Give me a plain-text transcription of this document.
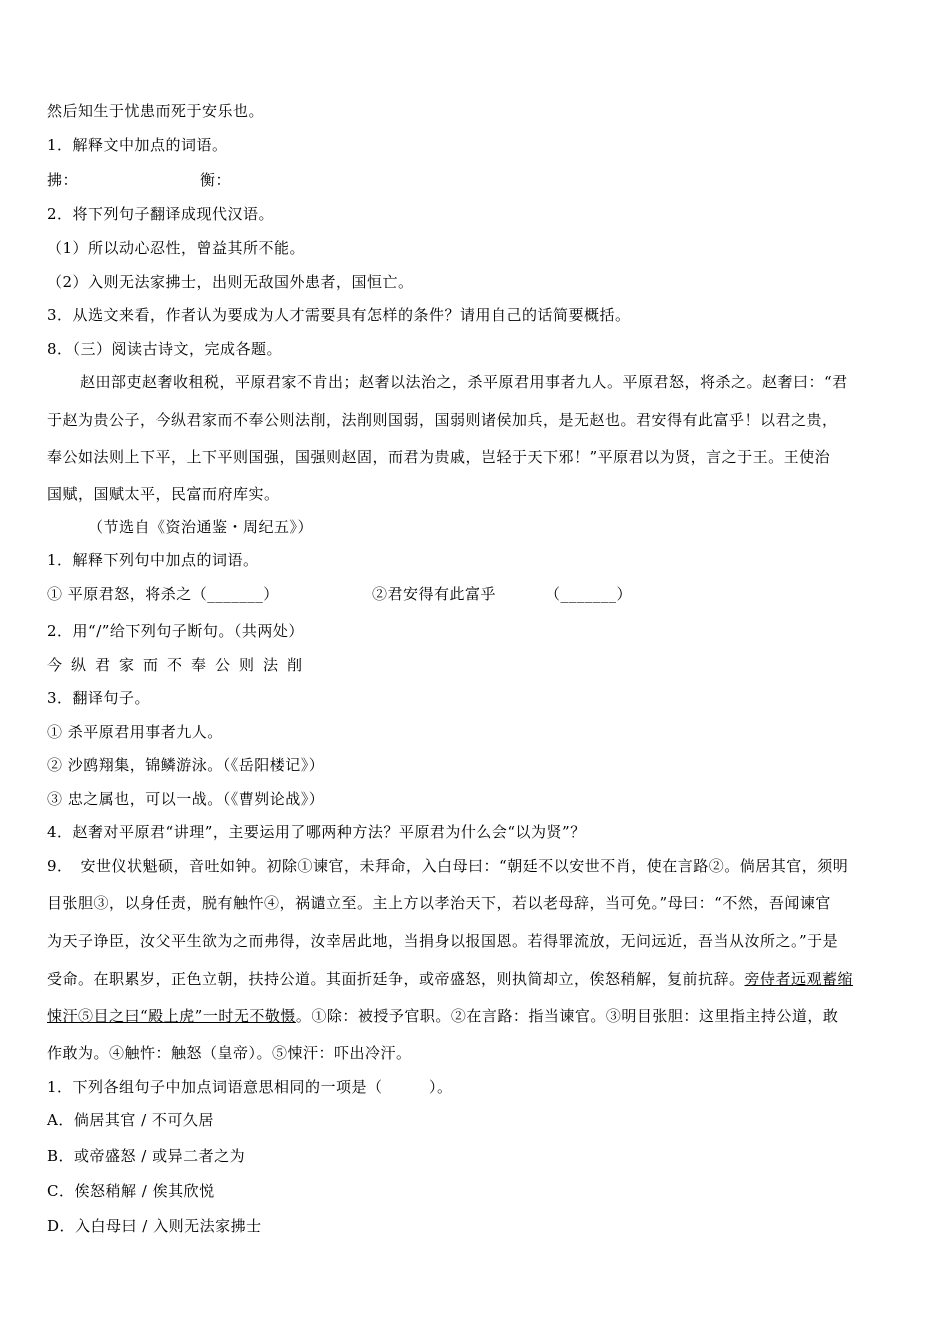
然后知生于忧患而死于安乐也。
1．解释文中加点的词语。
拂：	衡：
2．将下列句子翻译成现代汉语。
（1）所以动心忍性，曾益其所不能。
（2）入则无法家拂士，出则无敌国外患者，国恒亡。
3．从选文来看，作者认为要成为人才需要具有怎样的条件？请用自己的话简要概括。
8．（三）阅读古诗文，完成各题。
赵田部吏赵奢收租税，平原君家不肯出；赵奢以法治之，杀平原君用事者九人。平原君怒，将杀之。赵奢曰：“君
于赵为贵公子，今纵君家而不奉公则法削，法削则国弱，国弱则诸侯加兵，是无赵也。君安得有此富乎！以君之贵，
奉公如法则上下平，上下平则国强，国强则赵固，而君为贵戚，岂轻于天下邪！”平原君以为贤，言之于王。王使治
国赋，国赋太平，民富而府库实。
（节选自《资治通鉴・周纪五》）
1．解释下列句中加点的词语。
① 平原君怒，将杀之（_______）	②君安得有此富乎	（_______）
2．用“/”给下列句子断句。（共两处）
今纵君家而不奉公则法削
3．翻译句子。
① 杀平原君用事者九人。
② 沙鸥翔集，锦鳞游泳。（《岳阳楼记》）
③ 忠之属也，可以一战。（《曹刿论战》）
4．赵奢对平原君“讲理”，主要运用了哪两种方法？平原君为什么会“以为贤”？
9．　安世仪状魁硕，音吐如钟。初除①谏官，未拜命，入白母曰：“朝廷不以安世不肖，使在言路②。倘居其官，须明
目张胆③，以身任责，脱有触忤④，祸谴立至。主上方以孝治天下，若以老母辞，当可免。”母曰：“不然，吾闻谏官
为天子诤臣，汝父平生欲为之而弗得，汝幸居此地，当捐身以报国恩。若得罪流放，无问远近，吾当从汝所之。”于是
受命。在职累岁，正色立朝，扶持公道。其面折廷争，或帝盛怒，则执简却立，俟怒稍解，复前抗辞。旁侍者远观蓄缩
悚汗⑤目之曰“殿上虎”一时无不敬慑。①除：被授予官职。②在言路：指当谏官。③明目张胆：这里指主持公道，敢
作敢为。④触忤：触怒（皇帝）。⑤悚汗：吓出冷汗。
1．下列各组句子中加点词语意思相同的一项是（　　　）。
A．倘居其官 / 不可久居
B．或帝盛怒 / 或异二者之为
C．俟怒稍解 / 俟其欣悦
D．入白母曰 / 入则无法家拂士
